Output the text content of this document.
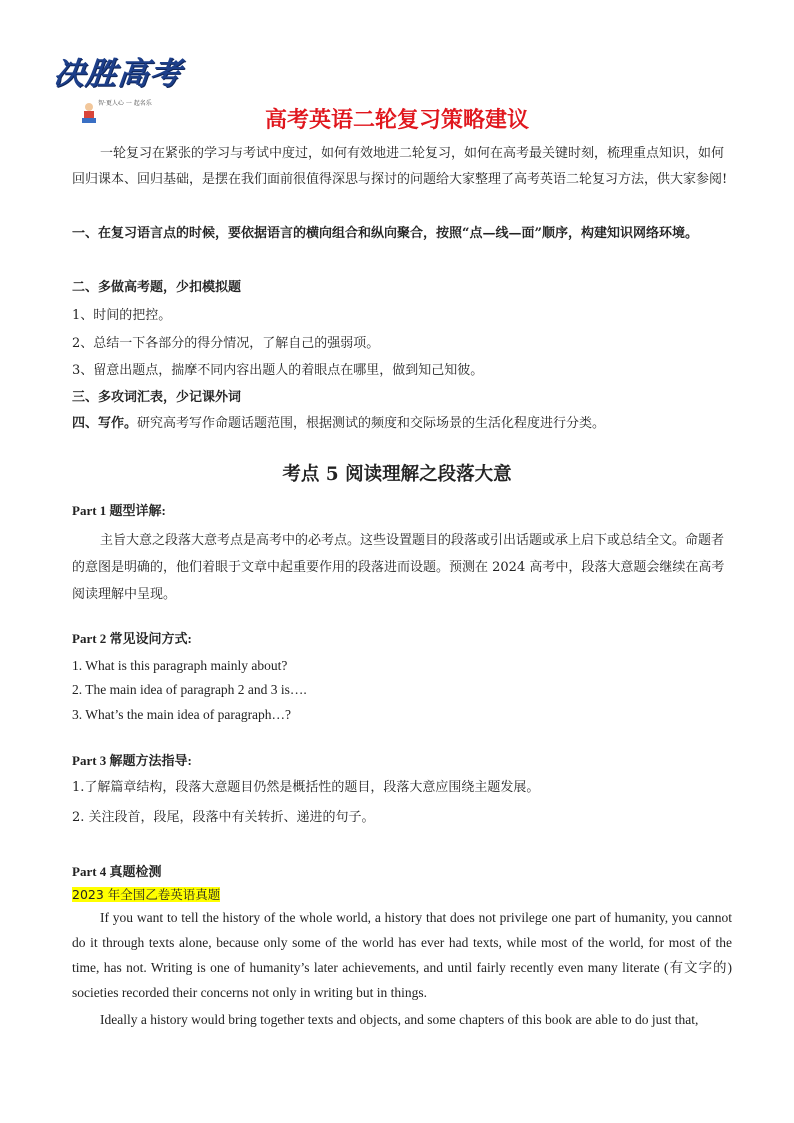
决胜高考
智·更人心 一 起名乐
高考英语二轮复习策略建议
一轮复习在紧张的学习与考试中度过，如何有效地进二轮复习，如何在高考最关键时刻，梳理重点知识，如何回归课本、回归基础，是摆在我们面前很值得深思与探讨的问题给大家整理了高考英语二轮复习方法，供大家参阅!
一、在复习语言点的时候，要依据语言的横向组合和纵向聚合，按照“点—线—面”顺序，构建知识网络环境。
二、多做高考题，少扣模拟题
1、时间的把控。
2、总结一下各部分的得分情况，了解自己的强弱项。
3、留意出题点，揣摩不同内容出题人的着眼点在哪里，做到知己知彼。
三、多攻词汇表，少记课外词
四、写作。研究高考写作命题话题范围，根据测试的频度和交际场景的生活化程度进行分类。
考点 5 阅读理解之段落大意
Part 1 题型详解:
主旨大意之段落大意考点是高考中的必考点。这些设置题目的段落或引出话题或承上启下或总结全文。命题者的意图是明确的，他们着眼于文章中起重要作用的段落进而设题。预测在 2024 高考中，段落大意题会继续在高考阅读理解中呈现。
Part 2 常见设问方式:
1. What is this paragraph mainly about?
2. The main idea of paragraph 2 and 3 is….
3. What’s the main idea of paragraph…?
Part 3 解题方法指导:
1.了解篇章结构，段落大意题目仍然是概括性的题目，段落大意应围绕主题发展。
2. 关注段首，段尾，段落中有关转折、递进的句子。
Part 4 真题检测
2023 年全国乙卷英语真题
If you want to tell the history of the whole world, a history that does not privilege one part of humanity, you cannot do it through texts alone, because only some of the world has ever had texts, while most of the world, for most of the time, has not. Writing is one of humanity’s later achievements, and until fairly recently even many literate (有文字的) societies recorded their concerns not only in writing but in things.
Ideally a history would bring together texts and objects, and some chapters of this book are able to do just that,
